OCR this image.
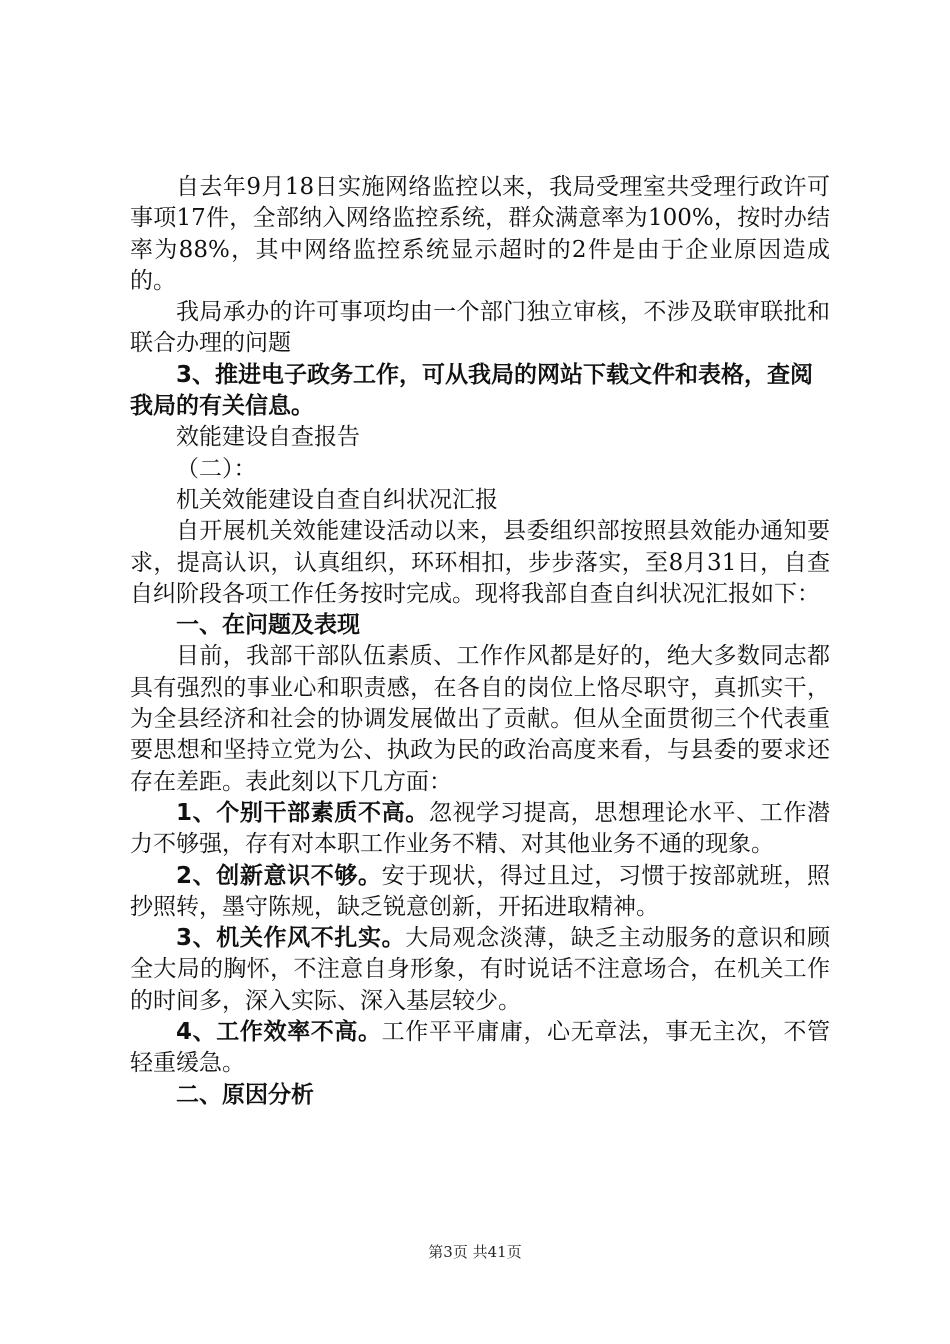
自去年9月18日实施网络监控以来，我局受理室共受理行政许可事项17件，全部纳入网络监控系统，群众满意率为100%，按时办结率为88%，其中网络监控系统显示超时的2件是由于企业原因造成的。

我局承办的许可事项均由一个部门独立审核，不涉及联审联批和联合办理的问题

3、推进电子政务工作，可从我局的网站下载文件和表格，查阅我局的有关信息。

效能建设自查报告

（二）：

机关效能建设自查自纠状况汇报

自开展机关效能建设活动以来，县委组织部按照县效能办通知要求，提高认识，认真组织，环环相扣，步步落实，至8月31日，自查自纠阶段各项工作任务按时完成。现将我部自查自纠状况汇报如下：

一、在问题及表现

目前，我部干部队伍素质、工作作风都是好的，绝大多数同志都具有强烈的事业心和职责感，在各自的岗位上恪尽职守，真抓实干，为全县经济和社会的协调发展做出了贡献。但从全面贯彻三个代表重要思想和坚持立党为公、执政为民的政治高度来看，与县委的要求还存在差距。表此刻以下几方面：

1、个别干部素质不高。忽视学习提高，思想理论水平、工作潜力不够强，存有对本职工作业务不精、对其他业务不通的现象。

2、创新意识不够。安于现状，得过且过，习惯于按部就班，照抄照转，墨守陈规，缺乏锐意创新，开拓进取精神。

3、机关作风不扎实。大局观念淡薄，缺乏主动服务的意识和顾全大局的胸怀，不注意自身形象，有时说话不注意场合，在机关工作的时间多，深入实际、深入基层较少。

4、工作效率不高。工作平平庸庸，心无章法，事无主次，不管轻重缓急。

二、原因分析

第3页 共41页
